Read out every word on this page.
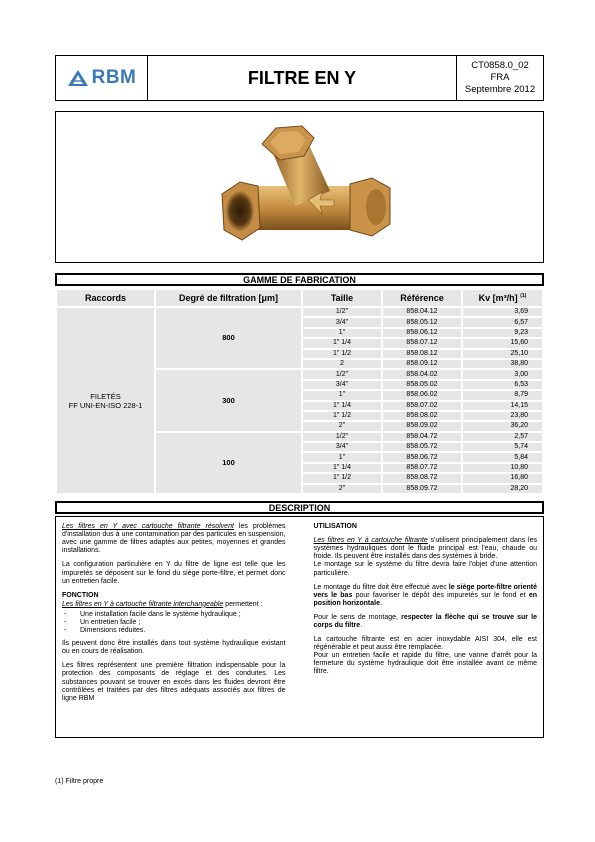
RBM	FILTRE EN Y
CT0858.0_02
FRA
Septembre 2012
GAMME DE FABRICATION
Raccords	Degré de filtration [μm]	Taille	Référence	Kv [m³/h] $^{(1)}$

FILETÉS
FF UNI-EN-ISO 228-1	800	1/2"	858.04.12	3,69
		3/4"	858.05.12	6,57
		1"	858.06.12	9,23
		1" 1/4	858.07.12	15,60
		1" 1/2	858.08.12	25,10
		2	858.09.12	38,80
	300	1/2"	858.04.02	3,00
		3/4"	858.05.02	6,53
		1"	858.06.02	8,79
		1" 1/4	858.07.02	14,15
		1" 1/2	858.08.02	23,80
		2"	858.09.02	36,20
	100	1/2"	858.04.72	2,57
		3/4"	858.05.72	5,74
		1"	858.06.72	5,84
		1" 1/4	858.07.72	10,80
		1" 1/2	858.08.72	16,80
		2"	858.09.72	28,20
DESCRIPTION

Les filtres en Y avec cartouche filtrante résolvent les problèmes d'installation dus à une contamination par des particules en suspension, avec une gamme de filtres adaptés aux petites, moyennes et grandes installations.

La configuration particulière en Y du filtre de ligne est telle que les impuretés se déposent sur le fond du siège porte-filtre, et permet donc un entretien facile.

FONCTION
Les filtres en Y à cartouche filtrante interchangeable permettent :
- Une installation facile dans le système hydraulique ;
- Un entretien facile ;
- Dimensions réduites.

Ils peuvent donc être installés dans tout système hydraulique existant ou en cours de réalisation.

Les filtres représentent une première filtration indispensable pour la protection des composants de réglage et des conduites. Les substances pouvant se trouver en excès dans les fluides devront être contrôlées et traitées par des filtres adéquats associés aux filtres de ligne RBM

UTILISATION

Les filtres en Y à cartouche filtrante s'utilisent principalement dans les systèmes hydrauliques dont le fluide principal est l'eau, chaude ou froide. Ils peuvent être installés dans des systèmes à bride.

Le montage sur le système du filtre devra faire l'objet d'une attention particulière.

Le montage du filtre doit être effectué avec le siège porte-filtre orienté vers le bas pour favoriser le dépôt des impuretés sur le fond et en position horizontale.

Pour le sens de montage, respecter la flèche qui se trouve sur le corps du filtre.

La cartouche filtrante est en acier inoxydable AISI 304, elle est régénérable et peut aussi être remplacée.

Pour un entretien facile et rapide du filtre, une vanne d'arrêt pour la fermeture du système hydraulique doit être installée avant ce même filtre.

(1) Filtre propre
